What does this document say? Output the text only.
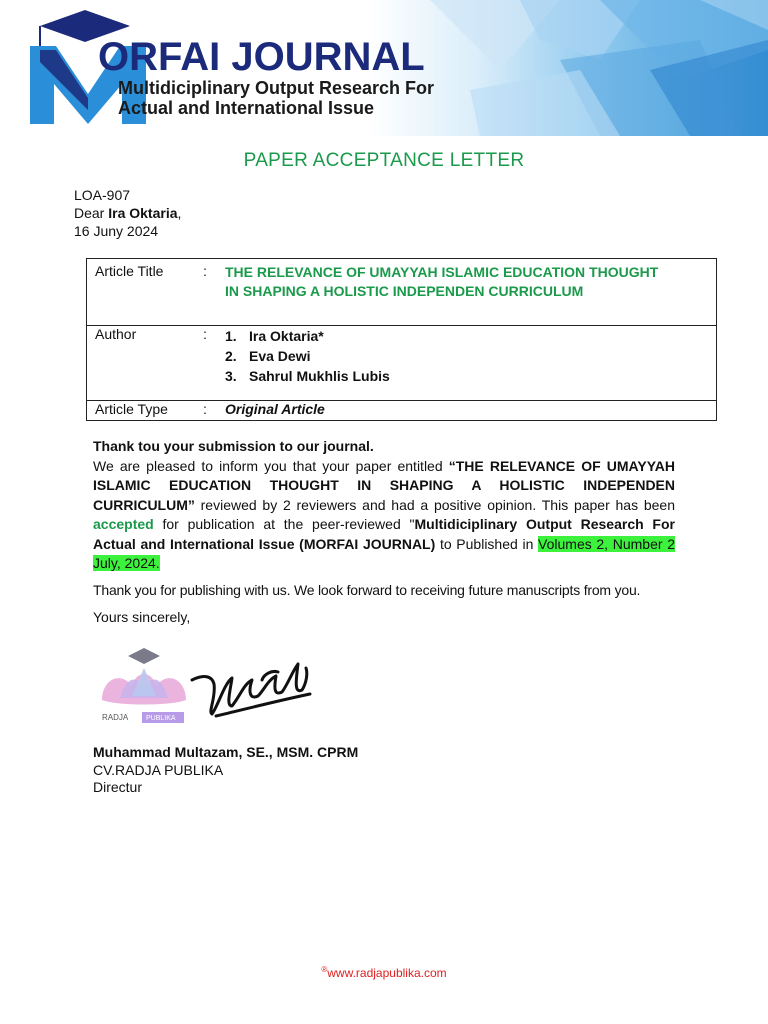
ORFAI JOURNAL
Multidiciplinary Output Research For
Actual and International Issue
PAPER ACCEPTANCE LETTER
LOA-907
Dear Ira Oktaria,
16 Juny 2024
Article Title	:	THE RELEVANCE OF UMAYYAH ISLAMIC EDUCATION THOUGHT
IN SHAPING A HOLISTIC INDEPENDEN CURRICULUM

Author	:	1. Ira Oktaria*
2. Eva Dewi
3. Sahrul Mukhlis Lubis

Article Type	:	Original Article

Thank tou your submission to our journal.

We are pleased to inform you that your paper entitled “THE RELEVANCE OF UMAYYAH ISLAMIC EDUCATION THOUGHT IN SHAPING A HOLISTIC INDEPENDEN CURRICULUM” reviewed by 2 reviewers and had a positive opinion. This paper has been accepted for publication at the peer-reviewed "Multidiciplinary Output Research For Actual and International Issue (MORFAI JOURNAL) to Published in Volumes 2, Number 2 July, 2024.

Thank you for publishing with us. We look forward to receiving future manuscripts from you.

Yours sincerely,

RADJA	PUBLIKA
Muhammad Multazam, SE., MSM. CPRM
CV.RADJA PUBLIKA
Directur
®www.radjapublika.com
